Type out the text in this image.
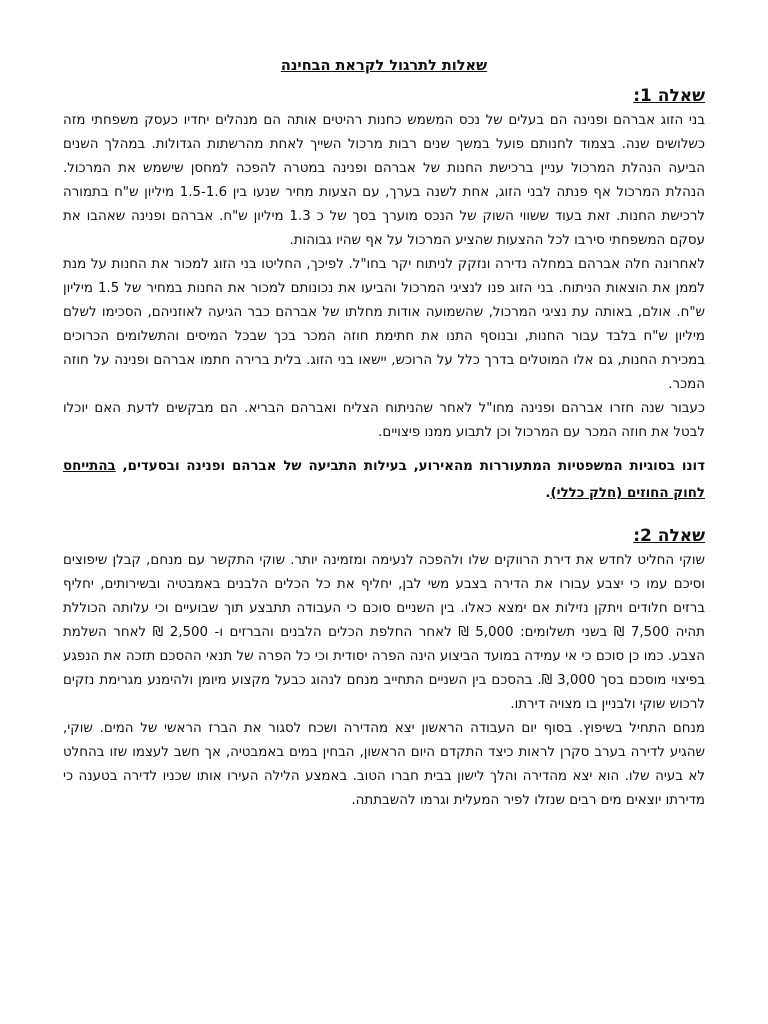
שאלות לתרגול לקראת הבחינה
שאלה 1:

בני הזוג אברהם ופנינה הם בעלים של נכס המשמש כחנות רהיטים אותה הם מנהלים יחדיו כעסק משפחתי מזה כשלושים שנה. בצמוד לחנותם פועל במשך שנים רבות מרכול השייך לאחת מהרשתות הגדולות. במהלך השנים הביעה הנהלת המרכול עניין ברכישת החנות של אברהם ופנינה במטרה להפכה למחסן שישמש את המרכול. הנהלת המרכול אף פנתה לבני הזוג, אחת לשנה בערך, עם הצעות מחיר שנעו בין 1.5-1.6 מיליון ש"ח בתמורה לרכישת החנות. זאת בעוד ששווי השוק של הנכס מוערך בסך של כ 1.3 מיליון ש"ח. אברהם ופנינה שאהבו את עסקם המשפחתי סירבו לכל ההצעות שהציע המרכול על אף שהיו גבוהות.

לאחרונה חלה אברהם במחלה נדירה ונזקק לניתוח יקר בחו"ל. לפיכך, החליטו בני הזוג למכור את החנות על מנת לממן את הוצאות הניתוח. בני הזוג פנו לנציגי המרכול והביעו את נכונותם למכור את החנות במחיר של 1.5 מיליון ש"ח. אולם, באותה עת נציגי המרכול, שהשמועה אודות מחלתו של אברהם כבר הגיעה לאוזניהם, הסכימו לשלם מיליון ש"ח בלבד עבור החנות, ובנוסף התנו את חתימת חוזה המכר בכך שבכל המיסים והתשלומים הכרוכים במכירת החנות, גם אלו המוטלים בדרך כלל על הרוכש, יישאו בני הזוג. בלית ברירה חתמו אברהם ופנינה על חוזה המכר.

כעבור שנה חזרו אברהם ופנינה מחו"ל לאחר שהניתוח הצליח ואברהם הבריא. הם מבקשים לדעת האם יוכלו לבטל את חוזה המכר עם המרכול וכן לתבוע ממנו פיצויים.

דונו בסוגיות המשפטיות המתעוררות מהאירוע, בעילות התביעה של אברהם ופנינה ובסעדים, בהתייחס לחוק החוזים (חלק כללי).

שאלה 2:

שוקי החליט לחדש את דירת הרווקים שלו ולהפכה לנעימה ומזמינה יותר. שוקי התקשר עם מנחם, קבלן שיפוצים וסיכם עמו כי יצבע עבורו את הדירה בצבע משי לבן, יחליף את כל הכלים הלבנים באמבטיה ובשירותים, יחליף ברזים חלודים ויתקן נזילות אם ימצא כאלו. בין השניים סוכם כי העבודה תתבצע תוך שבועיים וכי עלותה הכוללת תהיה 7,500 ₪ בשני תשלומים: 5,000 ₪ לאחר החלפת הכלים הלבנים והברזים ו- 2,500 ₪ לאחר השלמת הצבע. כמו כן סוכם כי אי עמידה במועד הביצוע הינה הפרה יסודית וכי כל הפרה של תנאי ההסכם תזכה את הנפגע בפיצוי מוסכם בסך 3,000 ₪. בהסכם בין השניים התחייב מנחם לנהוג כבעל מקצוע מיומן ולהימנע מגרימת נזקים לרכוש שוקי ולבניין בו מצויה דירתו.

מנחם התחיל בשיפוץ. בסוף יום העבודה הראשון יצא מהדירה ושכח לסגור את הברז הראשי של המים. שוקי, שהגיע לדירה בערב סקרן לראות כיצד התקדם היום הראשון, הבחין במים באמבטיה, אך חשב לעצמו שזו בהחלט לא בעיה שלו. הוא יצא מהדירה והלך לישון בבית חברו הטוב. באמצע הלילה העירו אותו שכניו לדירה בטענה כי מדירתו יוצאים מים רבים שנזלו לפיר המעלית וגרמו להשבתתה.
